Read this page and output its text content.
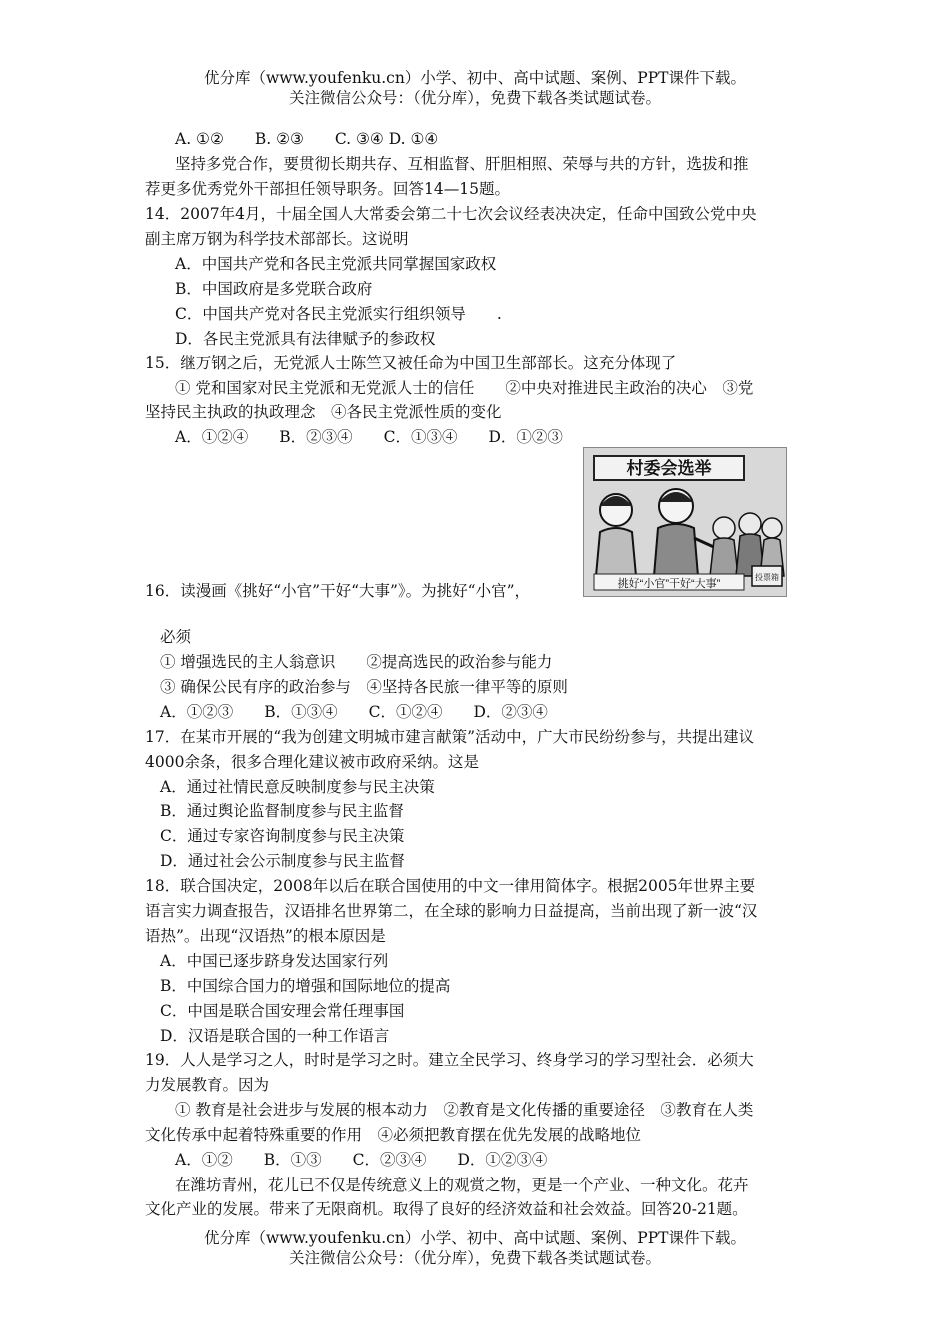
优分库（www.youfenku.cn）小学、初中、高中试题、案例、PPT课件下载。
关注微信公众号：（优分库），免费下载各类试题试卷。
A. ①②　　B. ②③　　C. ③④ D. ①④
坚持多党合作，要贯彻长期共存、互相监督、肝胆相照、荣辱与共的方针，选拔和推
荐更多优秀党外干部担任领导职务。回答14—15题。
14．2007年4月，十届全国人大常委会第二十七次会议经表决决定，任命中国致公党中央
副主席万钢为科学技术部部长。这说明
A．中国共产党和各民主党派共同掌握国家政权
B．中国政府是多党联合政府
C．中国共产党对各民主党派实行组织领导　　.
D．各民主党派具有法律赋予的参政权
15．继万钢之后，无党派人士陈竺又被任命为中国卫生部部长。这充分体现了
① 党和国家对民主党派和无党派人士的信任　　②中央对推进民主政治的决心　③党
坚持民主执政的执政理念　④各民主党派性质的变化
A．①②④　　B．②③④　　C．①③④　　D．①②③
村委会选举
投票箱
挑好“小官”干好“大事”
16．读漫画《挑好“小官”干好“大事”》。为挑好“小官”，
必须
① 增强选民的主人翁意识　　②提高选民的政治参与能力
③ 确保公民有序的政治参与　④坚持各民旅一律平等的原则
A．①②③　　B．①③④　　C．①②④　　D．②③④
17．在某市开展的“我为创建文明城市建言献策”活动中，广大市民纷纷参与，共提出建议
4000余条，很多合理化建议被市政府采纳。这是
A．通过社情民意反映制度参与民主决策
B．通过舆论监督制度参与民主监督
C．通过专家咨询制度参与民主决策
D．通过社会公示制度参与民主监督
18．联合国决定，2008年以后在联合国使用的中文一律用简体字。根据2005年世界主要
语言实力调查报告，汉语排名世界第二，在全球的影响力日益提高，当前出现了新一波“汉
语热”。出现“汉语热”的根本原因是
A．中国已逐步跻身发达国家行列
B．中国综合国力的增强和国际地位的提高
C．中国是联合国安理会常任理事国
D．汉语是联合国的一种工作语言
19．人人是学习之人，时时是学习之时。建立全民学习、终身学习的学习型社会．必须大
力发展教育。因为
① 教育是社会进步与发展的根本动力　②教育是文化传播的重要途径　③教育在人类
文化传承中起着特殊重要的作用　④必须把教育摆在优先发展的战略地位
A．①②　　B．①③　　C．②③④　　D．①②③④
在潍坊青州，花儿已不仅是传统意义上的观赏之物，更是一个产业、一种文化。花卉
文化产业的发展。带来了无限商机。取得了良好的经济效益和社会效益。回答20-21题。
优分库（www.youfenku.cn）小学、初中、高中试题、案例、PPT课件下载。
关注微信公众号：（优分库），免费下载各类试题试卷。
